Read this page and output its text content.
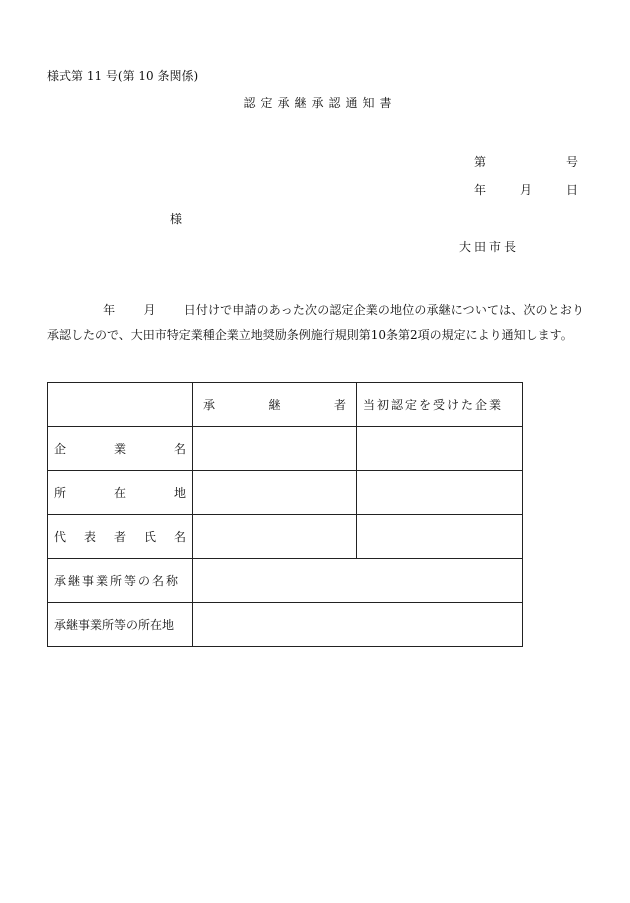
様式第 11 号(第 10 条関係)
認定承継承認通知書
第	号
年	月	日
様
大田市長
年 月 日付けで申請のあった次の認定企業の地位の承継については、次のとおり承認したので、大田市特定業種企業立地奨励条例施行規則第10条第2項の規定により通知します。

	承 継 者	当初認定を受けた企業

企 業 名		

所 在 地		

代 表 者 氏 名		

承継事業所等の名称		
承継事業所等の所在地		
